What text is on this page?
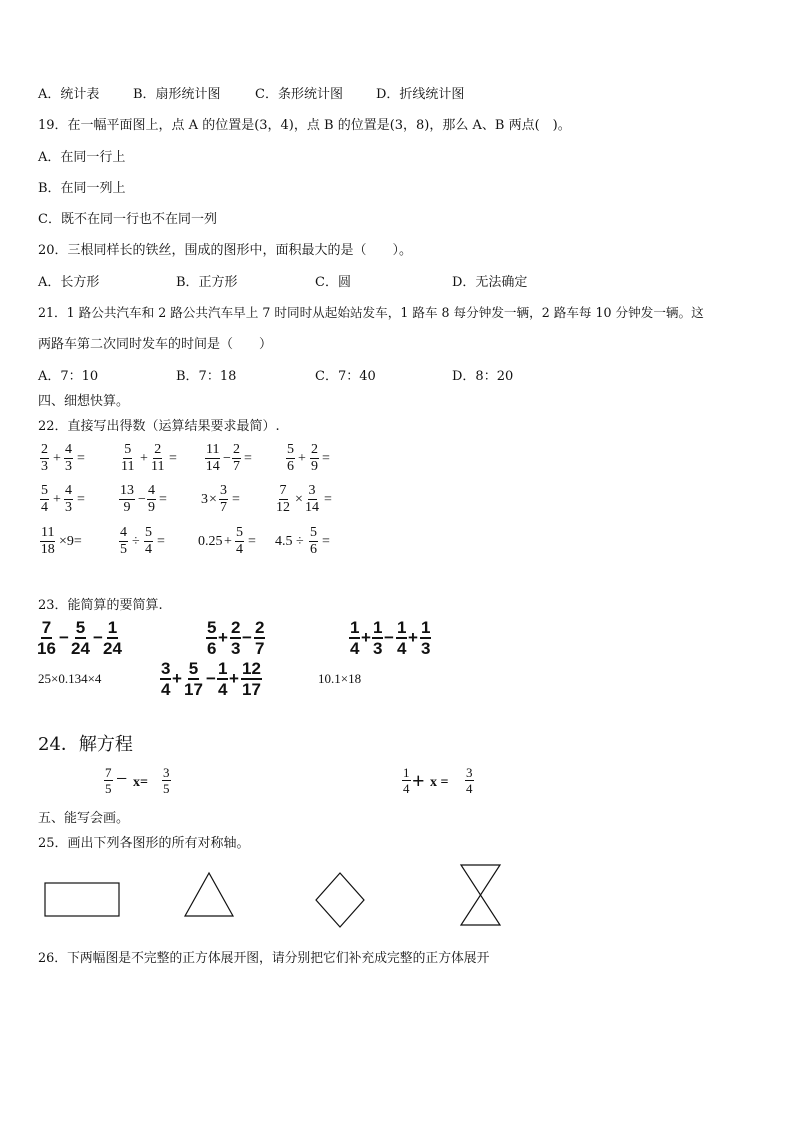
A．统计表	B．扇形统计图	C．条形统计图	D．折线统计图
19．在一幅平面图上，点 A 的位置是(3，4)，点 B 的位置是(3，8)，那么 A、B 两点(　)。
A．在同一行上
B．在同一列上
C．既不在同一行也不在同一列
20．三根同样长的铁丝，围成的图形中，面积最大的是（　　）。
A．长方形	B．正方形	C．圆	D．无法确定
21．1 路公共汽车和 2 路公共汽车早上 7 时同时从起始站发车，1 路车 8 每分钟发一辆，2 路车每 10 分钟发一辆。这
两路车第二次同时发车的时间是（　　）
A．7：10	B．7：18	C．7：40	D．8：20
四、细想快算。
22．直接写出得数（运算结果要求最简）.
$\frac{2}{3} + \frac{4}{3}$ =	$\frac{5}{11} + \frac{2}{11} = \frac{11}{14} - \frac{2}{7} = \frac{5}{6} + \frac{2}{9}$ =
$\frac{5}{4} + \frac{4}{3} = \frac{13}{9} - \frac{4}{9} = 3 \times \frac{3}{7}$ =	$\frac{7}{12} \times \frac{3}{14}$ =
$\frac{11}{18} \times 9=$	$\frac{4}{5} \div \frac{5}{4} = 0.25 + \frac{5}{4} = 4.5 \div \frac{5}{6}$ =
23．能简算的要简算.
$\frac{7}{16} - \frac{5}{24} - \frac{1}{24}$	$\frac{5}{6} + \frac{2}{3} - \frac{2}{7}$	$\frac{1}{4} + \frac{1}{3} - \frac{1}{4} + \frac{1}{3}$
25×0.134×4	$\frac{3}{4} + \frac{5}{17} - \frac{1}{4} + \frac{12}{17}$	10.1×18
24．解方程
$\frac{7}{5} - x= \frac{3}{5}$	$\frac{1}{4} + x = \frac{3}{4}$
五、能写会画。
25．画出下列各图形的所有对称轴。
26．下两幅图是不完整的正方体展开图，请分别把它们补充成完整的正方体展开
